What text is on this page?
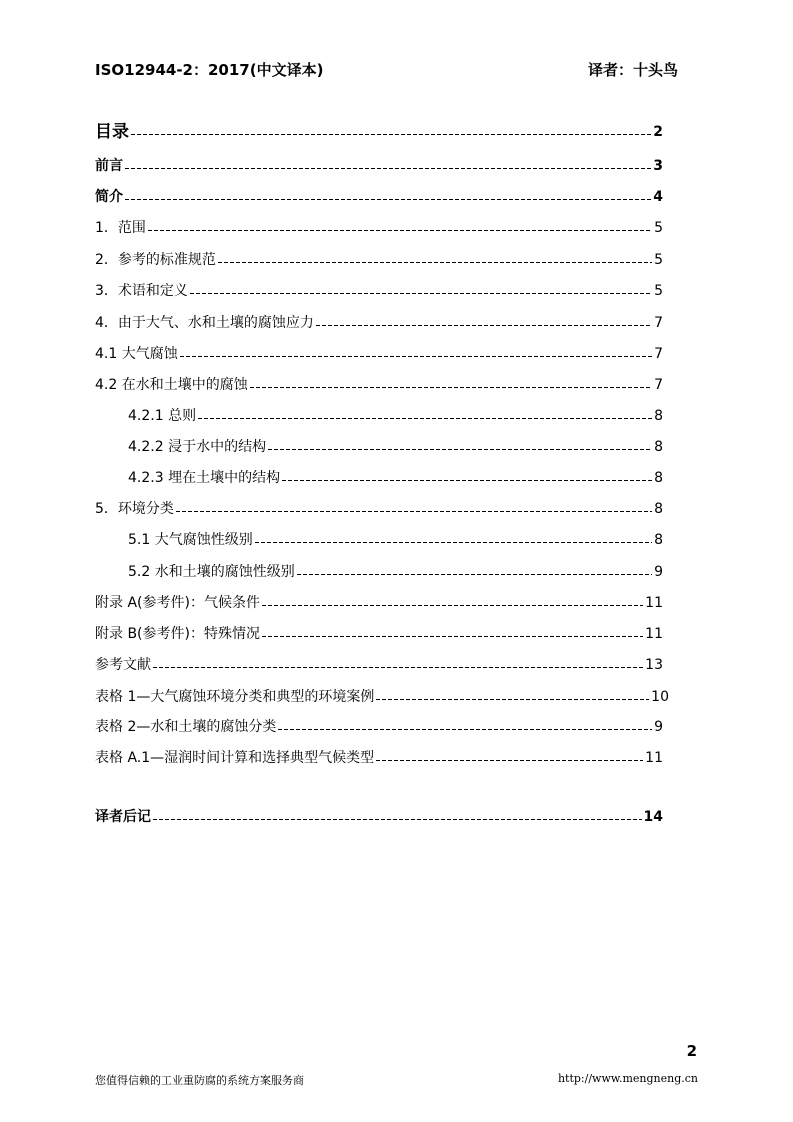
ISO12944-2：2017(中文译本)	译者：十头鸟
目录	2
前言	3
简介	4
1．范围	5
2．参考的标准规范	5
3．术语和定义	5
4．由于大气、水和土壤的腐蚀应力	7
4.1 大气腐蚀	7
4.2 在水和土壤中的腐蚀	7
4.2.1 总则	8
4.2.2 浸于水中的结构	8
4.2.3 埋在土壤中的结构	8
5．环境分类	8
5.1 大气腐蚀性级别	8
5.2 水和土壤的腐蚀性级别	9
附录 A(参考件)：气候条件	11
附录 B(参考件)：特殊情况	11
参考文献	13
表格 1—大气腐蚀环境分类和典型的环境案例	10
表格 2—水和土壤的腐蚀分类	9
表格 A.1—湿润时间计算和选择典型气候类型	11
译者后记	14
2
您值得信赖的工业重防腐的系统方案服务商	http://www.mengneng.cn
